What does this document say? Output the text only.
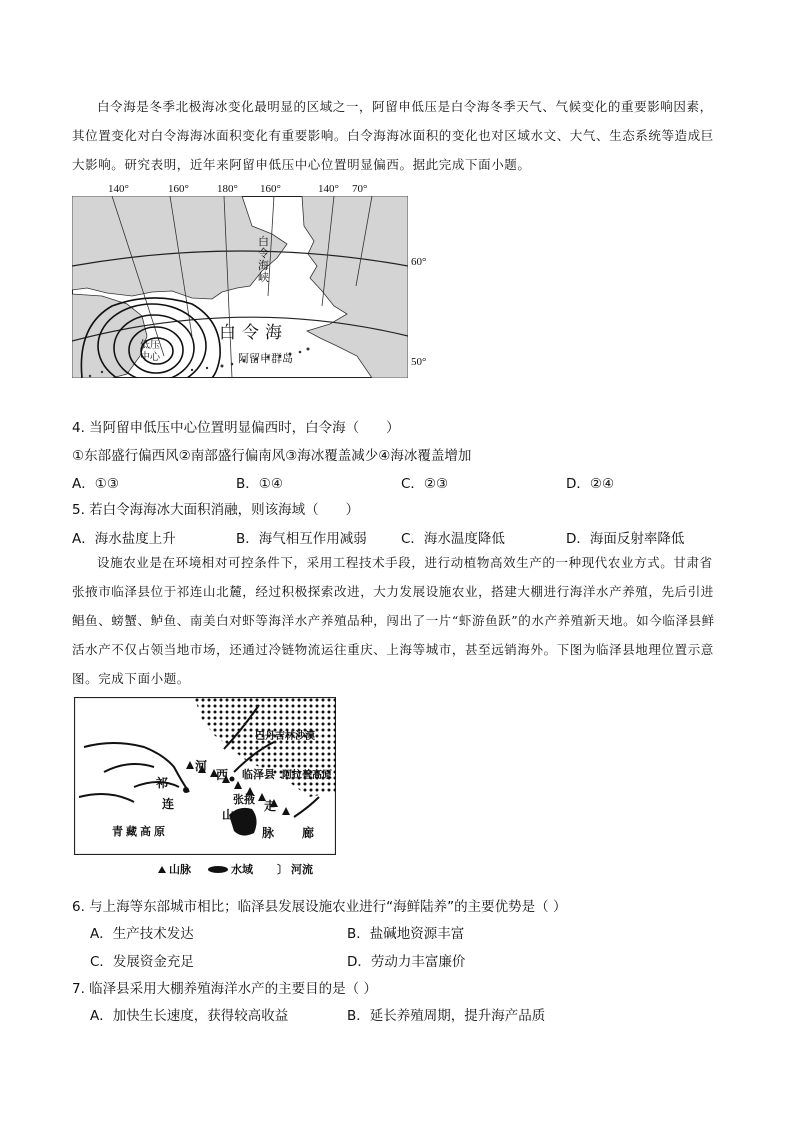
白令海是冬季北极海冰变化最明显的区域之一，阿留申低压是白令海冬季天气、气候变化的重要影响因素，其位置变化对白令海海冰面积变化有重要影响。白令海海冰面积的变化也对区域水文、大气、生态系统等造成巨大影响。研究表明，近年来阿留申低压中心位置明显偏西。据此完成下面小题。
140°	160°	180° 160°	140° 70°
60°
50°
白
令
海
峡
白令海
阿留申群岛
低压
中心
4. 当阿留申低压中心位置明显偏西时，白令海（　　）
①东部盛行偏西风②南部盛行偏南风③海冰覆盖减少④海冰覆盖增加
A．①③	B．①④	C．②③	D．②④
5. 若白令海海冰大面积消融，则该海域（　　）
A．海水盐度上升	B．海气相互作用减弱	C．海水温度降低	D．海面反射率降低
设施农业是在环境相对可控条件下，采用工程技术手段，进行动植物高效生产的一种现代农业方式。甘肃省张掖市临泽县位于祁连山北麓，经过积极探索改进，大力发展设施农业，搭建大棚进行海洋水产养殖，先后引进鲳鱼、螃蟹、鲈鱼、南美白对虾等海洋水产养殖品种，闯出了一片“虾游鱼跃”的水产养殖新天地。如今临泽县鲜活水产不仅占领当地市场，还通过冷链物流运往重庆、上海等城市，甚至远销海外。下图为临泽县地理位置示意图。完成下面小题。
巴丹吉林沙漠
临泽县 阿拉善高原
河
西
走
廊
祁
连
山
脉
张掖
青藏高原
山脉	水域 〕 河流
6. 与上海等东部城市相比；临泽县发展设施农业进行“海鲜陆养”的主要优势是（ ）
A．生产技术发达	B．盐碱地资源丰富
C．发展资金充足	D．劳动力丰富廉价
7. 临泽县采用大棚养殖海洋水产的主要目的是（ ）
A．加快生长速度，获得较高收益	B．延长养殖周期，提升海产品质
